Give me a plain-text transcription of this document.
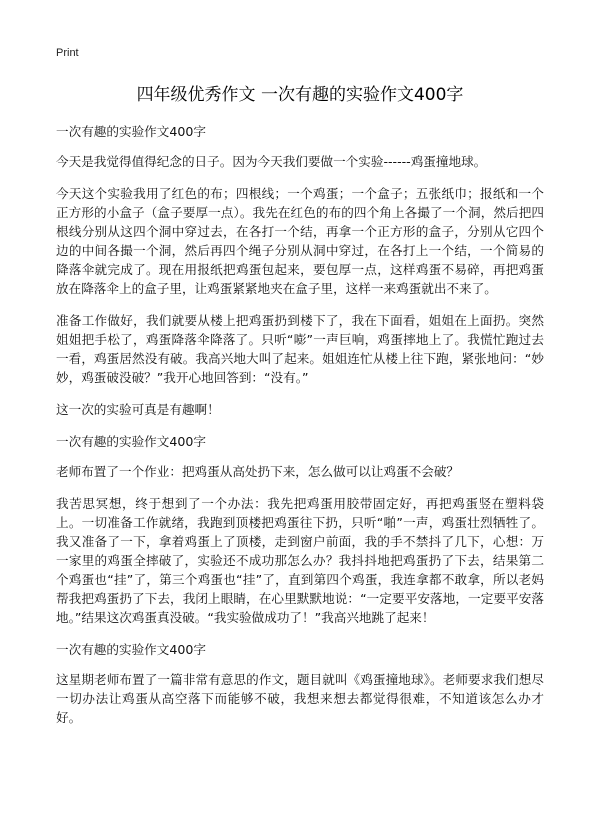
Print
四年级优秀作文 一次有趣的实验作文400字

一次有趣的实验作文400字

今天是我觉得值得纪念的日子。因为今天我们要做一个实验------鸡蛋撞地球。

今天这个实验我用了红色的布；四根线；一个鸡蛋；一个盒子；五张纸巾；报纸和一个正方形的小盒子（盒子要厚一点）。我先在红色的布的四个角上各撮了一个洞，然后把四根线分别从这四个洞中穿过去，在各打一个结，再拿一个正方形的盒子，分别从它四个边的中间各撮一个洞，然后再四个绳子分别从洞中穿过，在各打上一个结，一个简易的降落伞就完成了。现在用报纸把鸡蛋包起来，要包厚一点，这样鸡蛋不易碎，再把鸡蛋放在降落伞上的盒子里，让鸡蛋紧紧地夹在盒子里，这样一来鸡蛋就出不来了。

准备工作做好，我们就要从楼上把鸡蛋扔到楼下了，我在下面看，姐姐在上面扔。突然姐姐把手松了，鸡蛋降落伞降落了。只听“嘭”一声巨响，鸡蛋摔地上了。我慌忙跑过去一看，鸡蛋居然没有破。我高兴地大叫了起来。姐姐连忙从楼上往下跑，紧张地问：“妙妙，鸡蛋破没破？”我开心地回答到：“没有。”

这一次的实验可真是有趣啊！

一次有趣的实验作文400字

老师布置了一个作业：把鸡蛋从高处扔下来，怎么做可以让鸡蛋不会破？

我苦思冥想，终于想到了一个办法：我先把鸡蛋用胶带固定好，再把鸡蛋竖在塑料袋上。一切准备工作就绪，我跑到顶楼把鸡蛋往下扔，只听“啪”一声，鸡蛋壮烈牺牲了。我又准备了一下，拿着鸡蛋上了顶楼，走到窗户前面，我的手不禁抖了几下，心想：万一家里的鸡蛋全摔破了，实验还不成功那怎么办？我抖抖地把鸡蛋扔了下去，结果第二个鸡蛋也“挂”了，第三个鸡蛋也“挂”了，直到第四个鸡蛋，我连拿都不敢拿，所以老妈帮我把鸡蛋扔了下去，我闭上眼睛，在心里默默地说：“一定要平安落地，一定要平安落地。”结果这次鸡蛋真没破。“我实验做成功了！”我高兴地跳了起来！

一次有趣的实验作文400字

这星期老师布置了一篇非常有意思的作文，题目就叫《鸡蛋撞地球》。老师要求我们想尽一切办法让鸡蛋从高空落下而能够不破，我想来想去都觉得很难，不知道该怎么办才好。
